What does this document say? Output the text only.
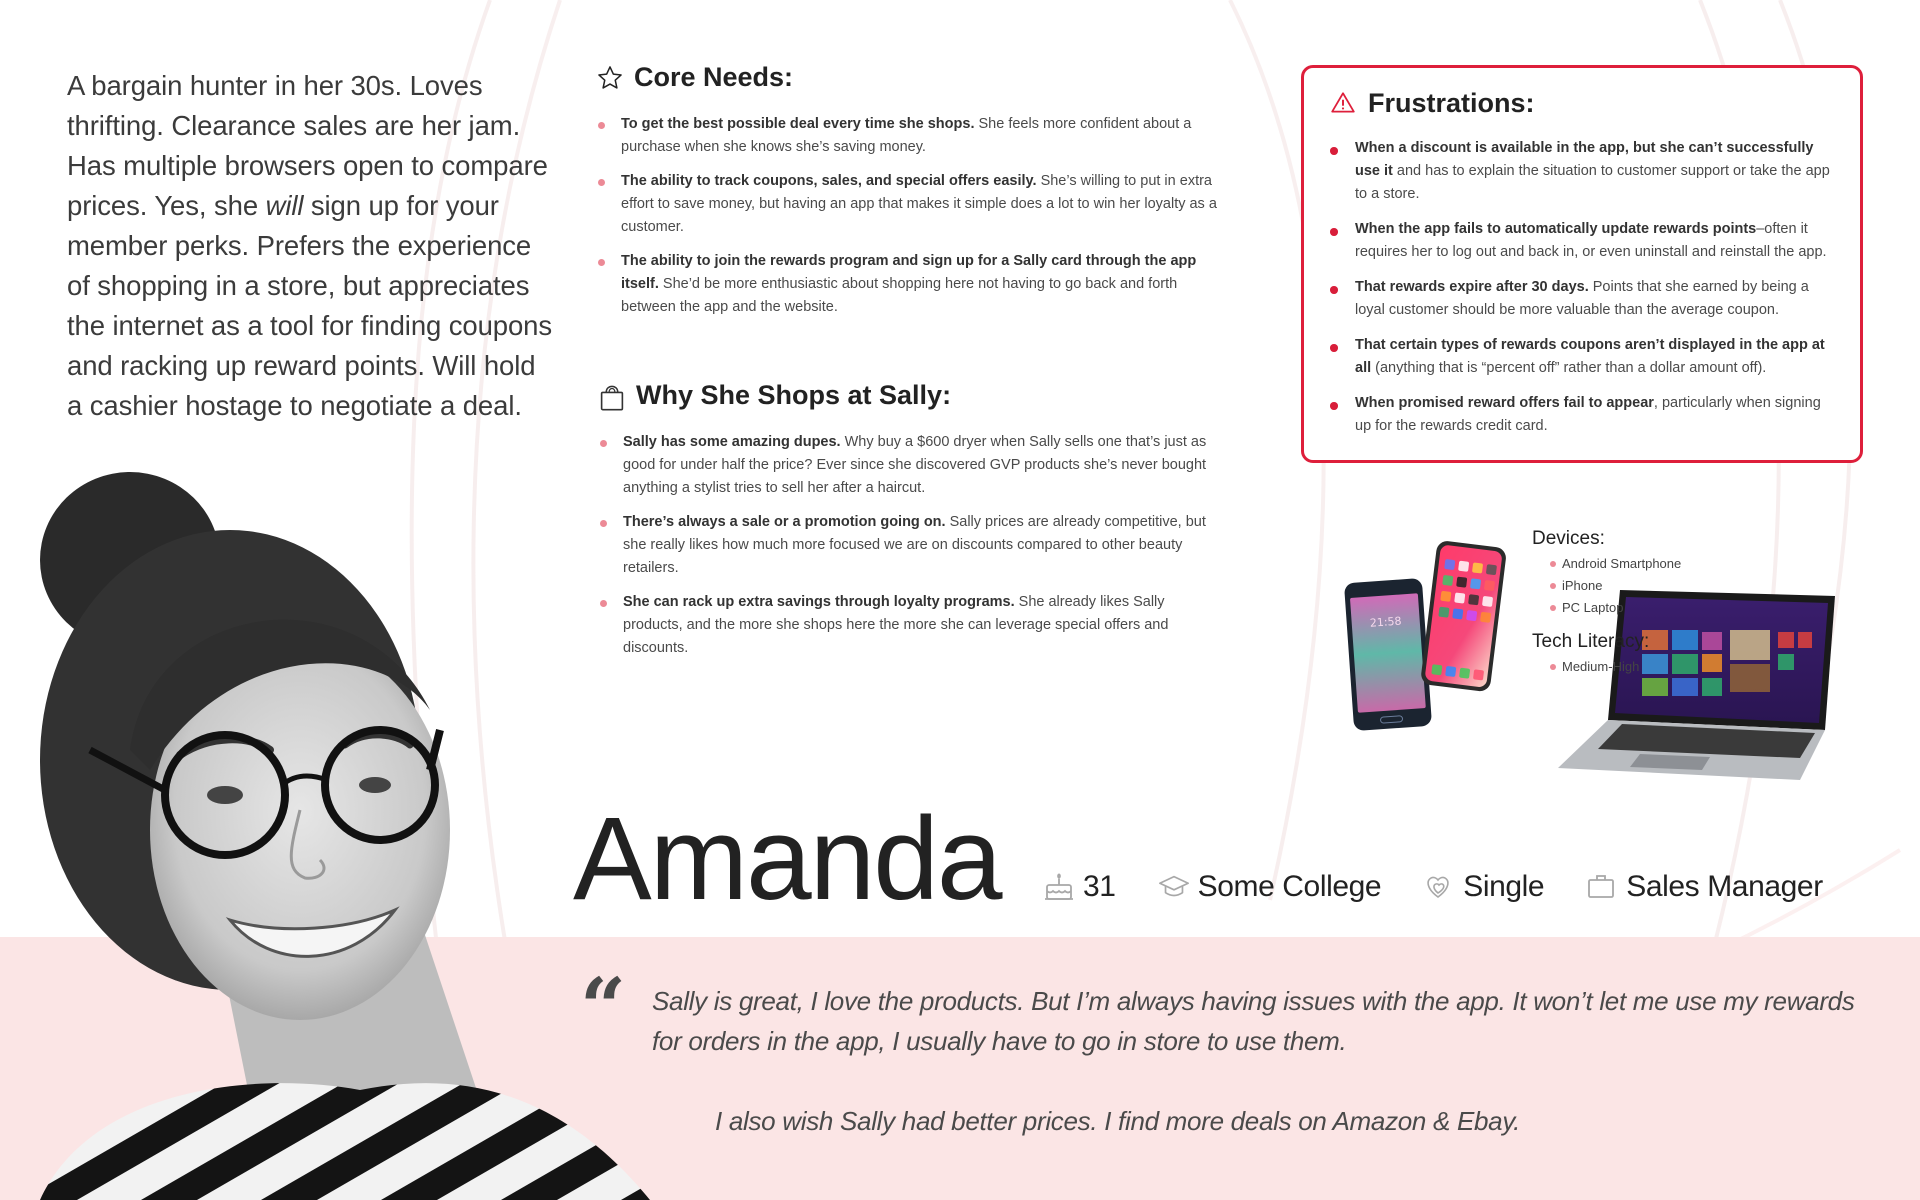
A bargain hunter in her 30s. Loves thrifting. Clearance sales are her jam. Has multiple browsers open to compare prices. Yes, she will sign up for your member perks. Prefers the experience of shopping in a store, but appreciates the internet as a tool for finding coupons and racking up reward points. Will hold a cashier hostage to negotiate a deal.

Core Needs:
To get the best possible deal every time she shops. She feels more confident about a purchase when she knows she’s saving money.
The ability to track coupons, sales, and special offers easily. She’s willing to put in extra effort to save money, but having an app that makes it simple does a lot to win her loyalty as a customer.
The ability to join the rewards program and sign up for a Sally card through the app itself. She’d be more enthusiastic about shopping here not having to go back and forth between the app and the website.
Why She Shops at Sally:
Sally has some amazing dupes. Why buy a $600 dryer when Sally sells one that’s just as good for under half the price? Ever since she discovered GVP products she’s never bought anything a stylist tries to sell her after a haircut.
There’s always a sale or a promotion going on. Sally prices are already competitive, but she really likes how much more focused we are on discounts compared to other beauty retailers.
She can rack up extra savings through loyalty programs. She already likes Sally products, and the more she shops here the more she can leverage special offers and discounts.
Frustrations:
When a discount is available in the app, but she can’t successfully use it and has to explain the situation to customer support or take the app to a store.
When the app fails to automatically update rewards points–often it requires her to log out and back in, or even uninstall and reinstall the app.
That rewards expire after 30 days. Points that she earned by being a loyal customer should be more valuable than the average coupon.
That certain types of rewards coupons aren’t displayed in the app at all (anything that is “percent off” rather than a dollar amount off).
When promised reward offers fail to appear, particularly when signing up for the rewards credit card.
21:58
Devices:
Android Smartphone
iPhone
PC Laptop
Tech Literacy:
Medium-High
Amanda	31	Some College	Single	Sales Manager
“ Sally is great, I love the products. But I’m always having issues with the app. It won’t let me use my rewards for orders in the app, I usually have to go in store to use them.

I also wish Sally had better prices. I find more deals on Amazon & Ebay.
